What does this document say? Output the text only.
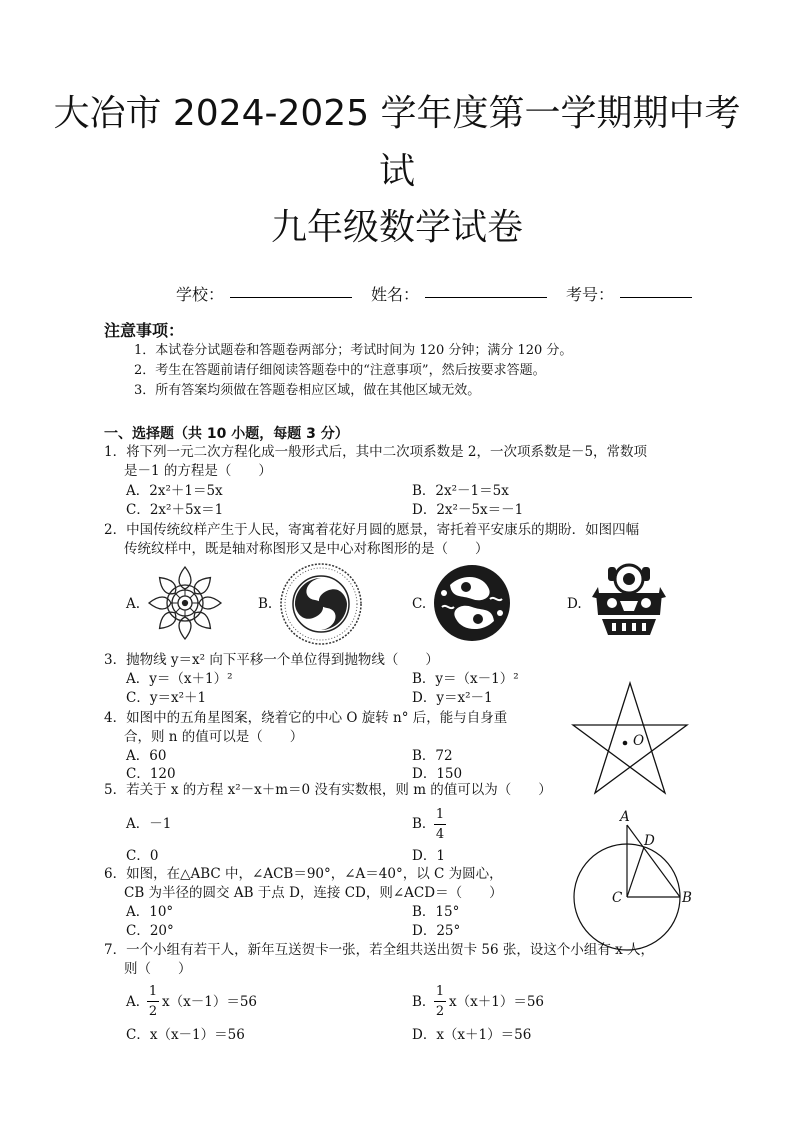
大冶市 2024-2025 学年度第一学期期中考
试
九年级数学试卷
学校：	姓名：	考号：
注意事项：
1．本试卷分试题卷和答题卷两部分；考试时间为 120 分钟；满分 120 分。
2．考生在答题前请仔细阅读答题卷中的“注意事项”，然后按要求答题。
3．所有答案均须做在答题卷相应区域，做在其他区域无效。
一、选择题（共 10 小题，每题 3 分）
1．将下列一元二次方程化成一般形式后，其中二次项系数是 2，一次项系数是－5，常数项
是－1 的方程是（　　）
A．2x²＋1＝5x	B．2x²－1＝5x
C．2x²＋5x＝1	D．2x²－5x＝－1
2．中国传统纹样产生于人民，寄寓着花好月圆的愿景，寄托着平安康乐的期盼．如图四幅
传统纹样中，既是轴对称图形又是中心对称图形的是（　　）
A.	B.	C.	D.
3．抛物线 y＝x² 向下平移一个单位得到抛物线（　　）
A．y＝（x＋1）²	B．y＝（x－1）²
C．y＝x²＋1	D．y＝x²－1
4．如图中的五角星图案，绕着它的中心 O 旋转 n° 后，能与自身重
合，则 n 的值可以是（　　）
A．60	B．72
C．120	D．150
O
5．若关于 x 的方程 x²－x＋m＝0 没有实数根，则 m 的值可以为（　　）
A．－1	B．
1
4
C．0	D．1
6．如图，在△ABC 中，∠ACB＝90°，∠A＝40°，以 C 为圆心，
CB 为半径的圆交 AB 于点 D，连接 CD，则∠ACD＝（　　）
A．10°	B．15°
C．20°	D．25°
A
D
C	B
7．一个小组有若干人，新年互送贺卡一张，若全组共送出贺卡 56 张，设这个小组有 x 人，
则（　　）
A．
1
2
x（x－1）＝56	B．
1
2
x（x＋1）＝56
C．x（x－1）＝56	D．x（x＋1）＝56
